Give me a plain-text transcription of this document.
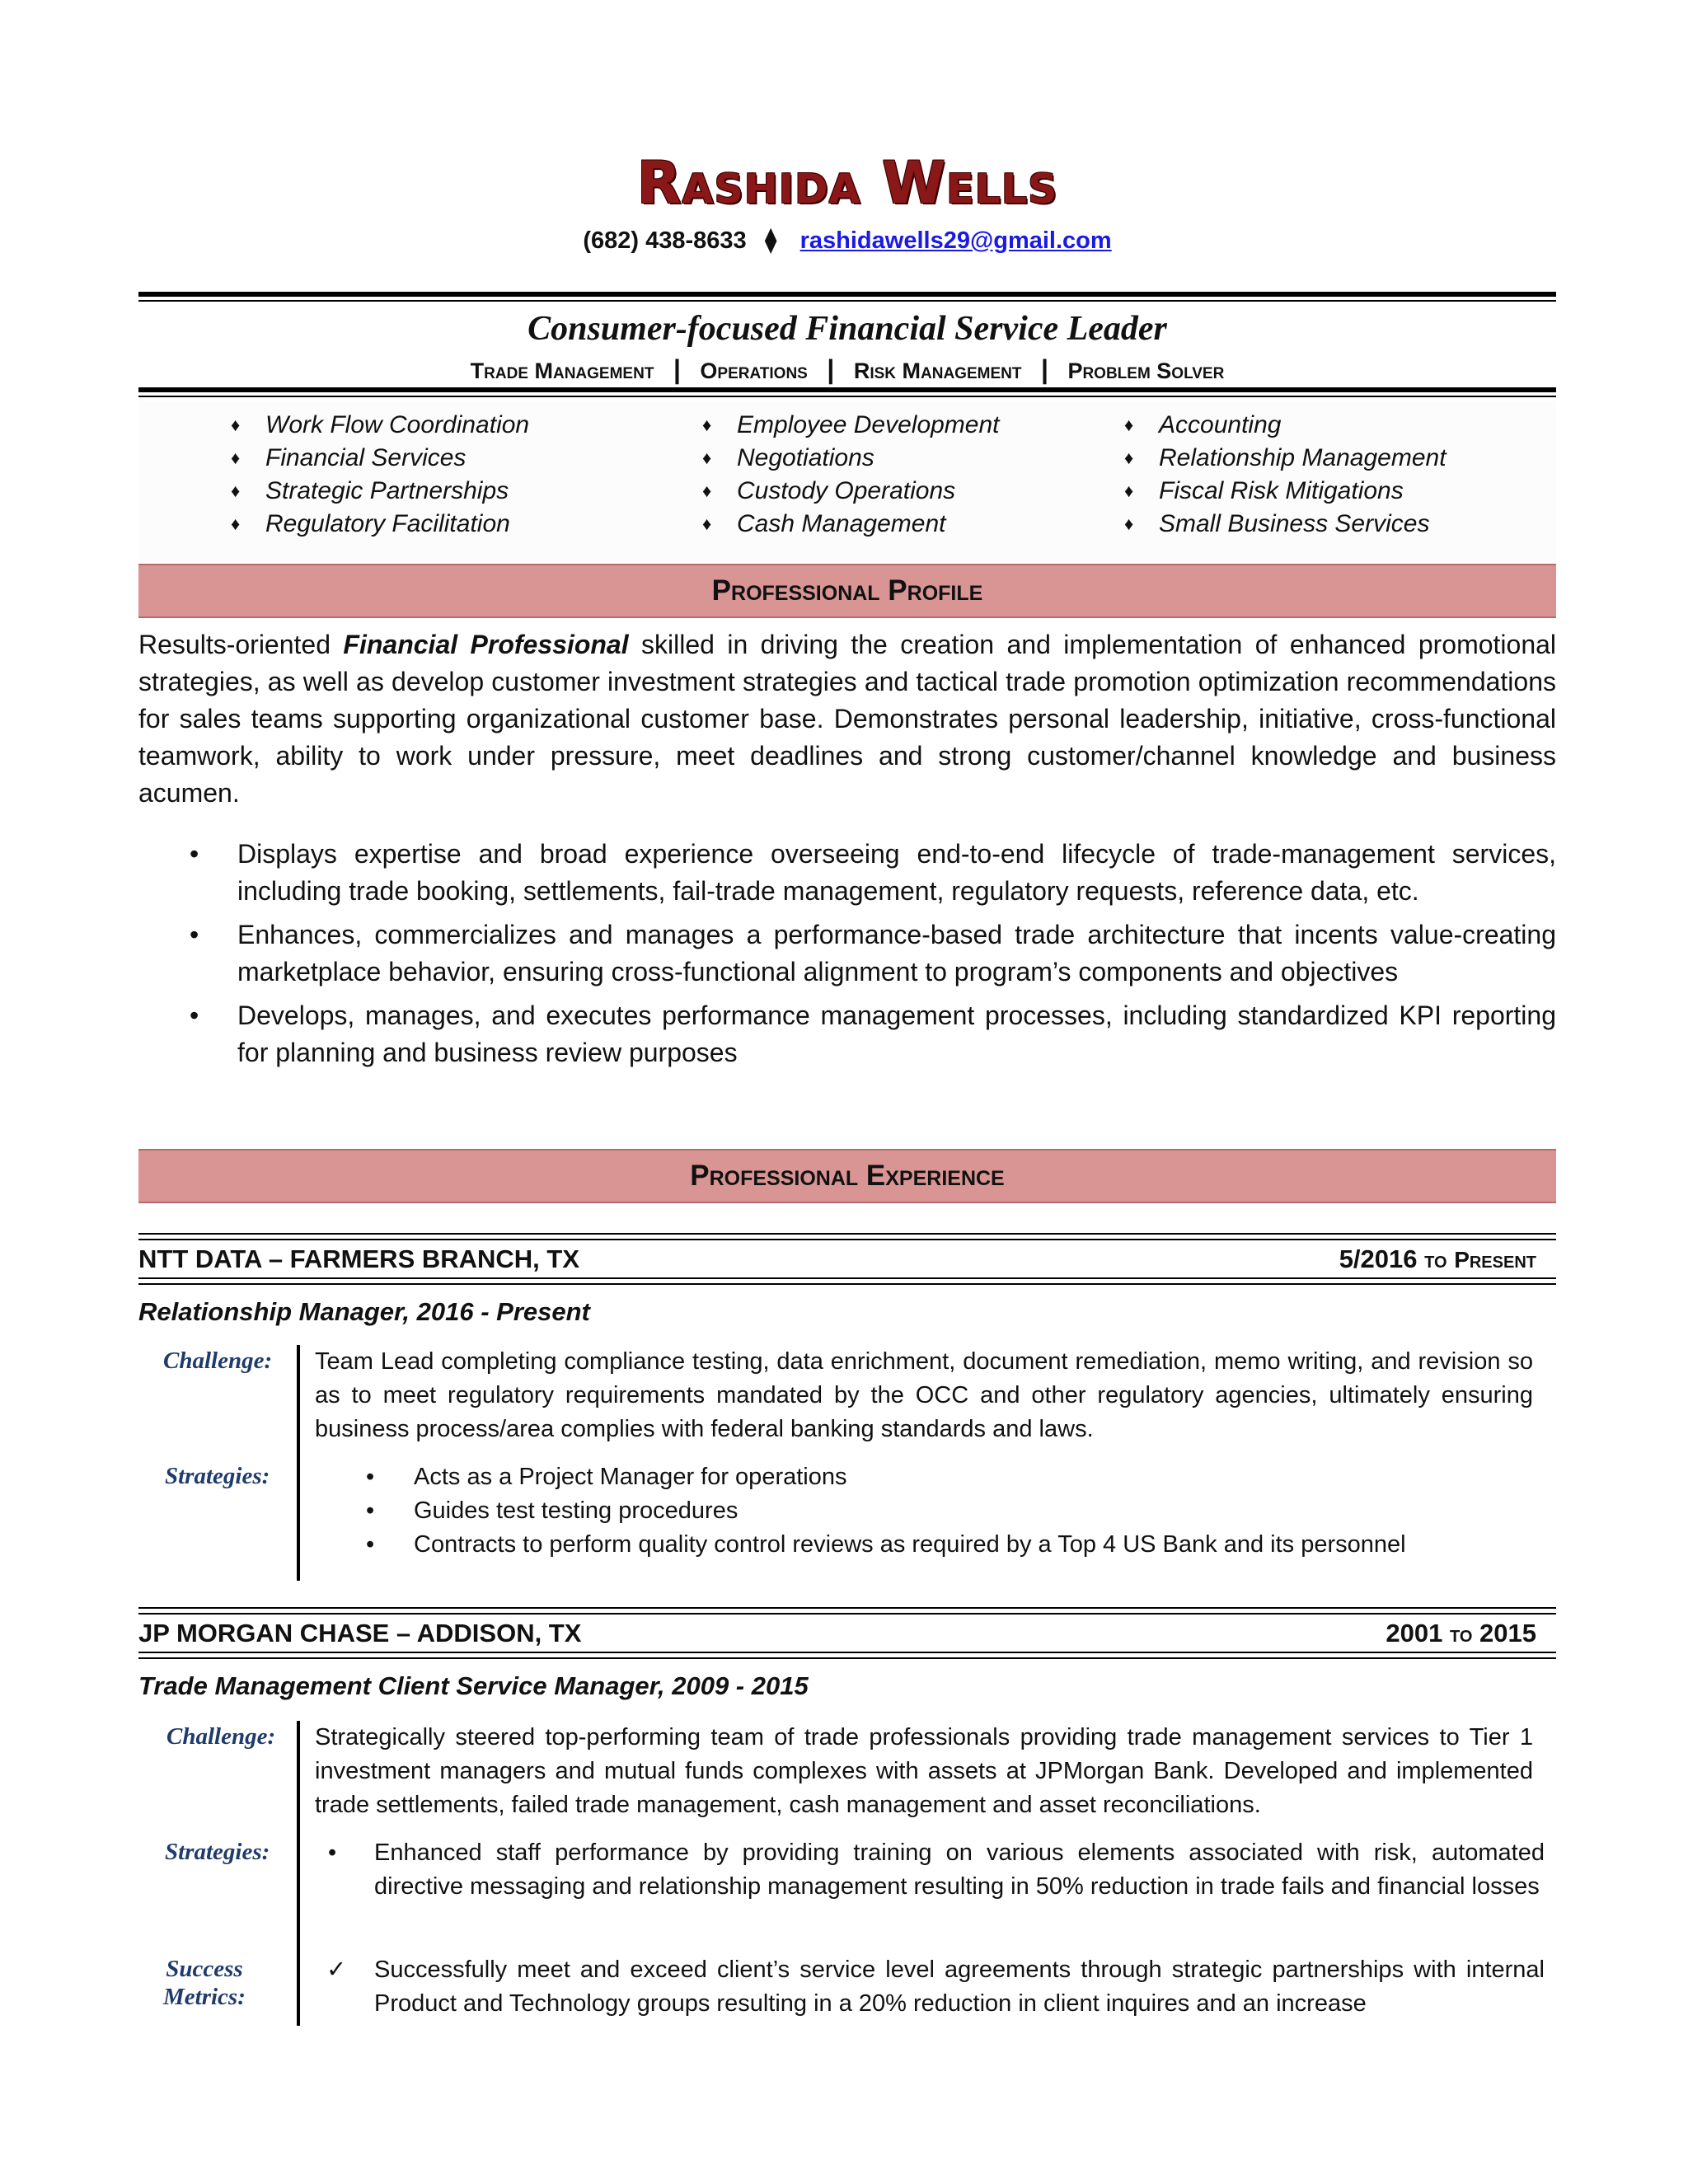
Rashida Wells
(682) 438-8633 ⧫ rashidawells29@gmail.com
Consumer-focused Financial Service Leader
Trade Management | Operations | Risk Management | Problem Solver
♦ Work Flow Coordination
♦ Financial Services
♦ Strategic Partnerships
♦ Regulatory Facilitation
♦ Employee Development
♦ Negotiations
♦ Custody Operations
♦ Cash Management
♦ Accounting
♦ Relationship Management
♦ Fiscal Risk Mitigations
♦ Small Business Services
Professional Profile
Results-oriented Financial Professional skilled in driving the creation and implementation of enhanced promotional strategies, as well as develop customer investment strategies and tactical trade promotion optimization recommendations for sales teams supporting organizational customer base. Demonstrates personal leadership, initiative, cross-functional teamwork, ability to work under pressure, meet deadlines and strong customer/channel knowledge and business acumen.
• Displays expertise and broad experience overseeing end-to-end lifecycle of trade-management services, including trade booking, settlements, fail-trade management, regulatory requests, reference data, etc.
• Enhances, commercializes and manages a performance-based trade architecture that incents value-creating marketplace behavior, ensuring cross-functional alignment to program’s components and objectives
• Develops, manages, and executes performance management processes, including standardized KPI reporting for planning and business review purposes
Professional Experience
NTT DATA – FARMERS BRANCH, TX	5/2016 to Present
Relationship Manager, 2016 - Present
Challenge: Team Lead completing compliance testing, data enrichment, document remediation, memo writing, and revision so as to meet regulatory requirements mandated by the OCC and other regulatory agencies, ultimately ensuring business process/area complies with federal banking standards and laws.
Strategies:	• Acts as a Project Manager for operations
• Guides test testing procedures
• Contracts to perform quality control reviews as required by a Top 4 US Bank and its personnel
JP MORGAN CHASE – ADDISON, TX	2001 to 2015
Trade Management Client Service Manager, 2009 - 2015
Challenge: Strategically steered top-performing team of trade professionals providing trade management services to Tier 1 investment managers and mutual funds complexes with assets at JPMorgan Bank. Developed and implemented trade settlements, failed trade management, cash management and asset reconciliations.
Strategies: • Enhanced staff performance by providing training on various elements associated with risk, automated directive messaging and relationship management resulting in 50% reduction in trade fails and financial losses
Success
Metrics:
✓ Successfully meet and exceed client’s service level agreements through strategic partnerships with internal Product and Technology groups resulting in a 20% reduction in client inquires and an increase
